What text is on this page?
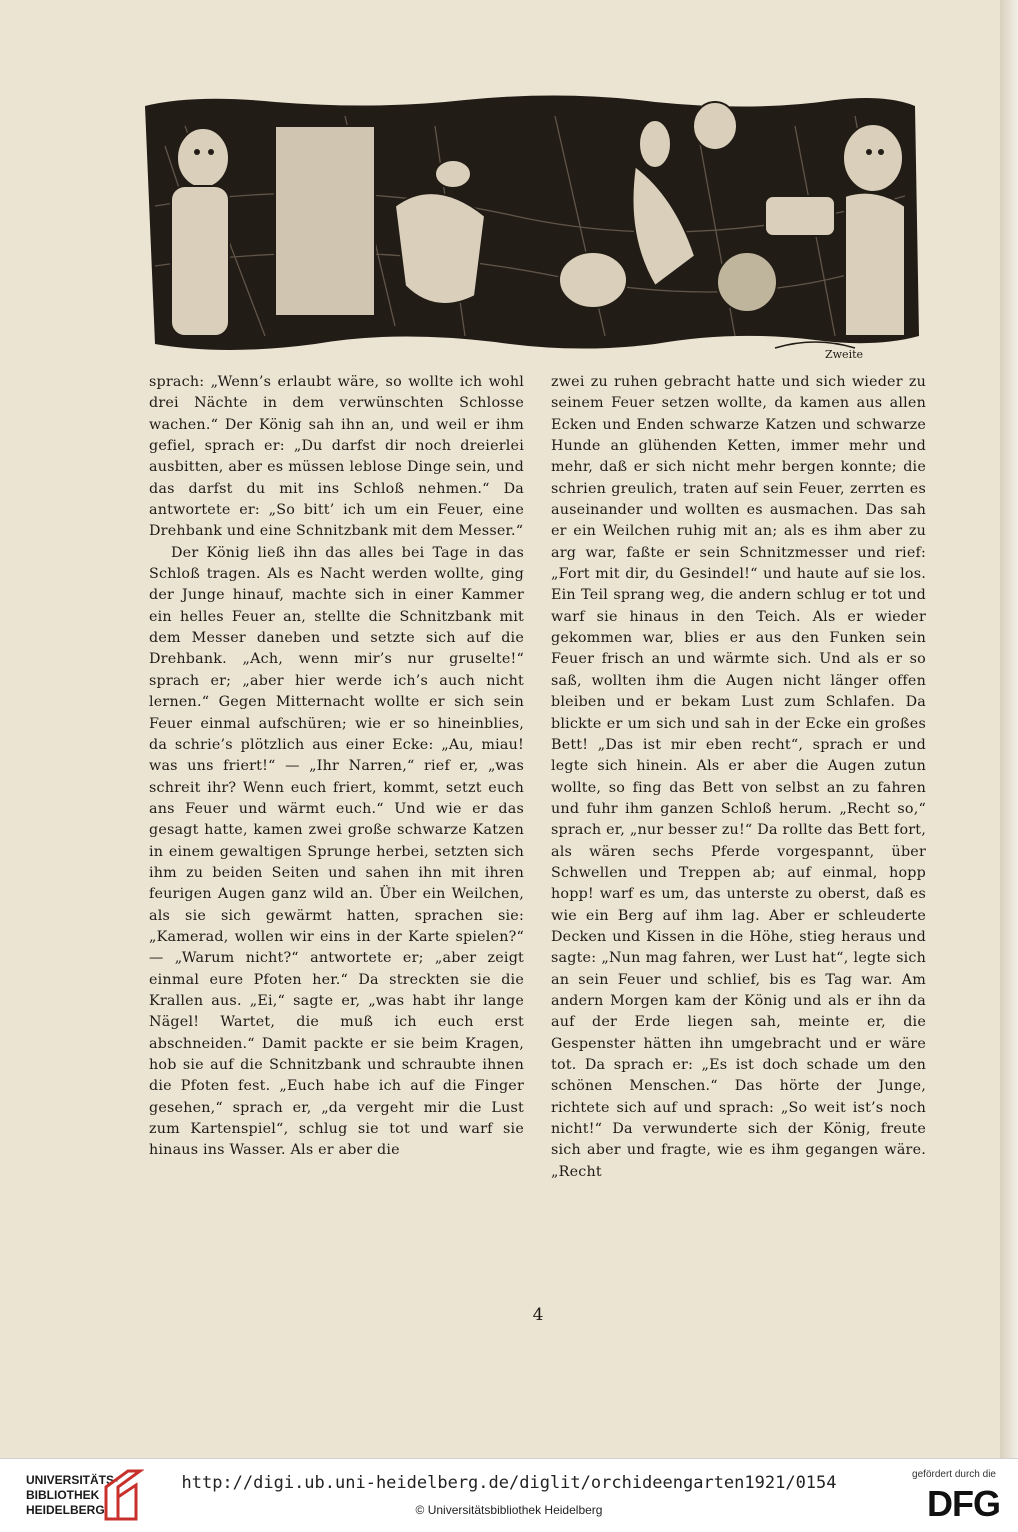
Zweite

sprach: „Wenn’s erlaubt wäre, so wollte ich wohl drei Nächte in dem verwünschten Schlosse wachen.“ Der König sah ihn an, und weil er ihm gefiel, sprach er: „Du darfst dir noch dreierlei ausbitten, aber es müssen leblose Dinge sein, und das darfst du mit ins Schloß nehmen.“ Da antwortete er: „So bitt’ ich um ein Feuer, eine Drehbank und eine Schnitzbank mit dem Messer.“

Der König ließ ihn das alles bei Tage in das Schloß tragen. Als es Nacht werden wollte, ging der Junge hinauf, machte sich in einer Kammer ein helles Feuer an, stellte die Schnitzbank mit dem Messer daneben und setzte sich auf die Drehbank. „Ach, wenn mir’s nur gruselte!“ sprach er; „aber hier werde ich’s auch nicht lernen.“ Gegen Mitternacht wollte er sich sein Feuer einmal aufschüren; wie er so hineinblies, da schrie’s plötzlich aus einer Ecke: „Au, miau! was uns friert!“ — „Ihr Narren,“ rief er, „was schreit ihr? Wenn euch friert, kommt, setzt euch ans Feuer und wärmt euch.“ Und wie er das gesagt hatte, kamen zwei große schwarze Katzen in einem gewaltigen Sprunge herbei, setzten sich ihm zu beiden Seiten und sahen ihn mit ihren feurigen Augen ganz wild an. Über ein Weilchen, als sie sich gewärmt hatten, sprachen sie: „Kamerad, wollen wir eins in der Karte spielen?“ — „Warum nicht?“ antwortete er; „aber zeigt einmal eure Pfoten her.“ Da streckten sie die Krallen aus. „Ei,“ sagte er, „was habt ihr lange Nägel! Wartet, die muß ich euch erst abschneiden.“ Damit packte er sie beim Kragen, hob sie auf die Schnitzbank und schraubte ihnen die Pfoten fest. „Euch habe ich auf die Finger gesehen,“ sprach er, „da vergeht mir die Lust zum Kartenspiel“, schlug sie tot und warf sie hinaus ins Wasser. Als er aber die

zwei zu ruhen gebracht hatte und sich wieder zu seinem Feuer setzen wollte, da kamen aus allen Ecken und Enden schwarze Katzen und schwarze Hunde an glühenden Ketten, immer mehr und mehr, daß er sich nicht mehr bergen konnte; die schrien greulich, traten auf sein Feuer, zerrten es auseinander und wollten es ausmachen. Das sah er ein Weilchen ruhig mit an; als es ihm aber zu arg war, faßte er sein Schnitzmesser und rief: „Fort mit dir, du Gesindel!“ und haute auf sie los. Ein Teil sprang weg, die andern schlug er tot und warf sie hinaus in den Teich. Als er wieder gekommen war, blies er aus den Funken sein Feuer frisch an und wärmte sich. Und als er so saß, wollten ihm die Augen nicht länger offen bleiben und er bekam Lust zum Schlafen. Da blickte er um sich und sah in der Ecke ein großes Bett! „Das ist mir eben recht“, sprach er und legte sich hinein. Als er aber die Augen zutun wollte, so fing das Bett von selbst an zu fahren und fuhr ihm ganzen Schloß herum. „Recht so,“ sprach er, „nur besser zu!“ Da rollte das Bett fort, als wären sechs Pferde vorgespannt, über Schwellen und Treppen ab; auf einmal, hopp hopp! warf es um, das unterste zu oberst, daß es wie ein Berg auf ihm lag. Aber er schleuderte Decken und Kissen in die Höhe, stieg heraus und sagte: „Nun mag fahren, wer Lust hat“, legte sich an sein Feuer und schlief, bis es Tag war. Am andern Morgen kam der König und als er ihn da auf der Erde liegen sah, meinte er, die Gespenster hätten ihn umgebracht und er wäre tot. Da sprach er: „Es ist doch schade um den schönen Menschen.“ Das hörte der Junge, richtete sich auf und sprach: „So weit ist’s noch nicht!“ Da verwunderte sich der König, freute sich aber und fragte, wie es ihm gegangen wäre. „Recht

4
UNIVERSITÄTS-
BIBLIOTHEK
HEIDELBERG
http://digi.ub.uni-heidelberg.de/diglit/orchideengarten1921/0154
© Universitätsbibliothek Heidelberg
gefördert durch die
DFG
